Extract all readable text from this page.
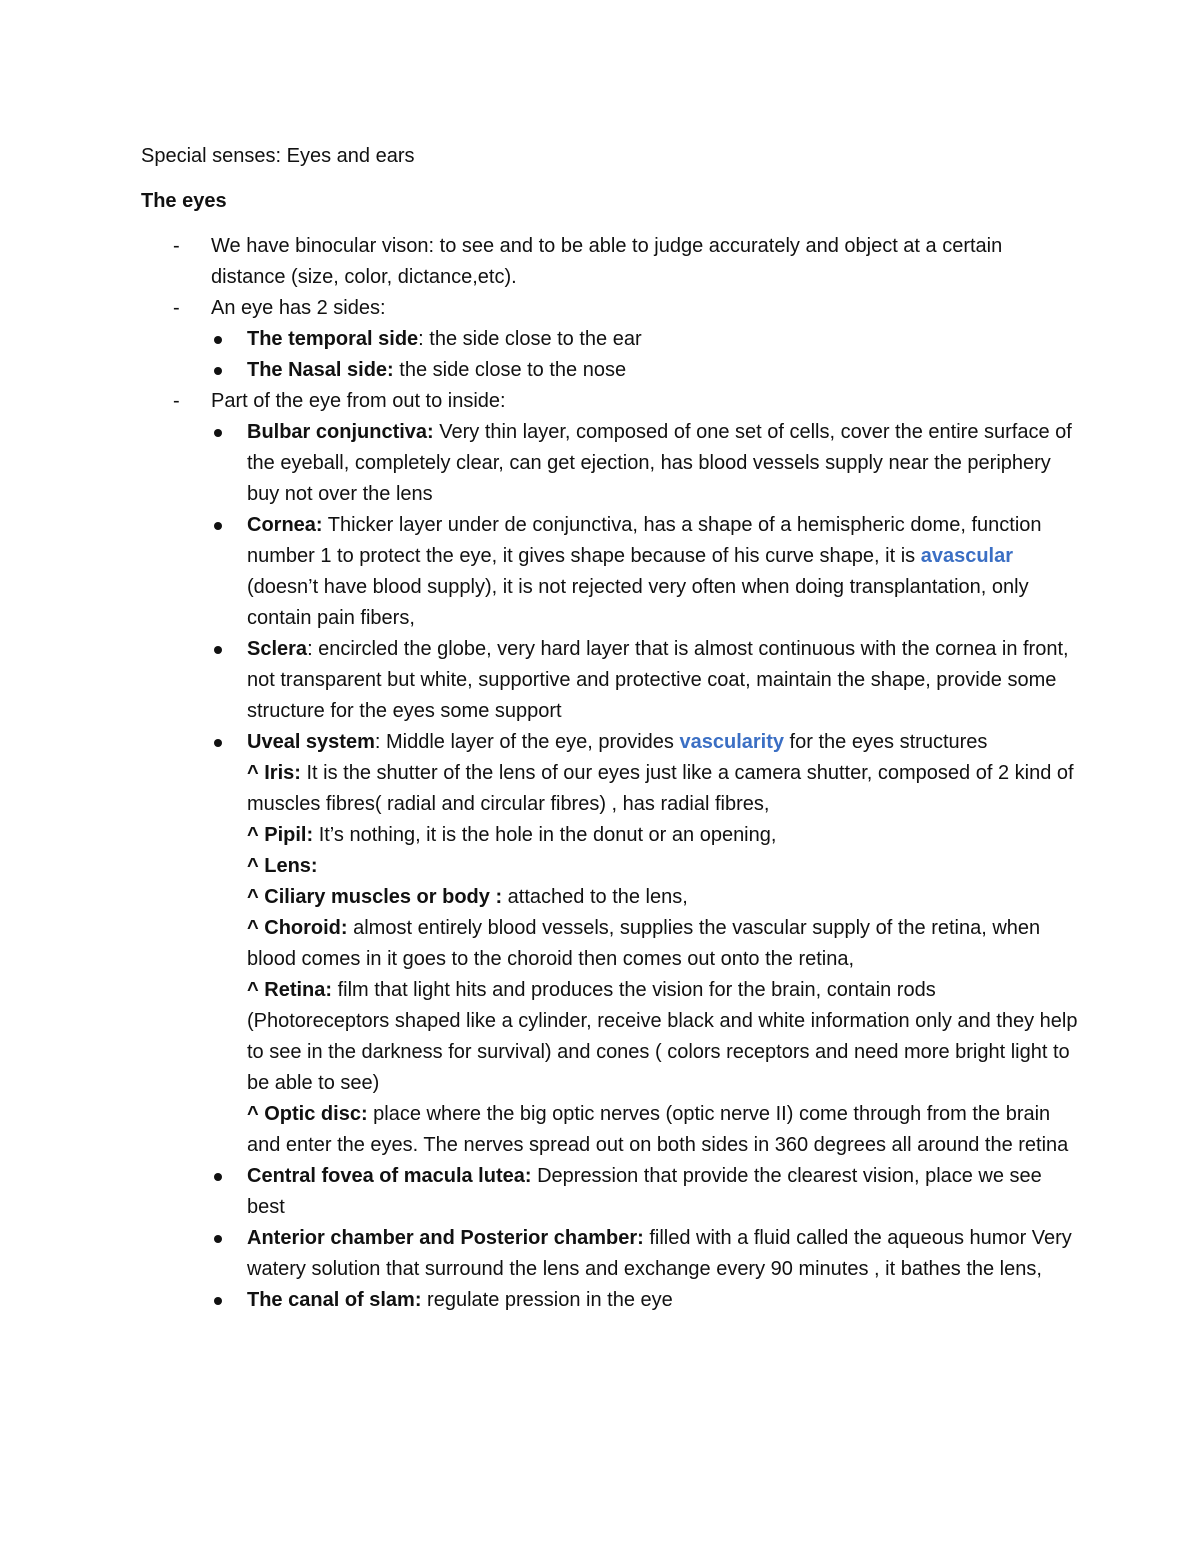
Special senses: Eyes and ears

The eyes

- We have binocular vison: to see and to be able to judge accurately and object at a certain distance (size, color, dictance,etc).
- An eye has 2 sides:
The temporal side: the side close to the ear
The Nasal side: the side close to the nose
- Part of the eye from out to inside:
Bulbar conjunctiva: Very thin layer, composed of one set of cells, cover the entire surface of the eyeball, completely clear, can get ejection, has blood vessels supply near the periphery buy not over the lens
Cornea: Thicker layer under de conjunctiva, has a shape of a hemispheric dome, function number 1 to protect the eye, it gives shape because of his curve shape, it is avascular (doesn’t have blood supply), it is not rejected very often when doing transplantation, only contain pain fibers,
Sclera: encircled the globe, very hard layer that is almost continuous with the cornea in front, not transparent but white, supportive and protective coat, maintain the shape, provide some structure for the eyes some support
Uveal system: Middle layer of the eye, provides vascularity for the eyes structures
^ Iris: It is the shutter of the lens of our eyes just like a camera shutter, composed of 2 kind of muscles fibres( radial and circular fibres) , has radial fibres,
^ Pipil: It’s nothing, it is the hole in the donut or an opening,
^ Lens:
^ Ciliary muscles or body : attached to the lens,
^ Choroid: almost entirely blood vessels, supplies the vascular supply of the retina, when blood comes in it goes to the choroid then comes out onto the retina,
^ Retina: film that light hits and produces the vision for the brain, contain rods (Photoreceptors shaped like a cylinder, receive black and white information only and they help to see in the darkness for survival) and cones ( colors receptors and need more bright light to be able to see)
^ Optic disc: place where the big optic nerves (optic nerve II) come through from the brain and enter the eyes. The nerves spread out on both sides in 360 degrees all around the retina
Central fovea of macula lutea: Depression that provide the clearest vision, place we see best
Anterior chamber and Posterior chamber: filled with a fluid called the aqueous humor Very watery solution that surround the lens and exchange every 90 minutes , it bathes the lens,
The canal of slam: regulate pression in the eye
